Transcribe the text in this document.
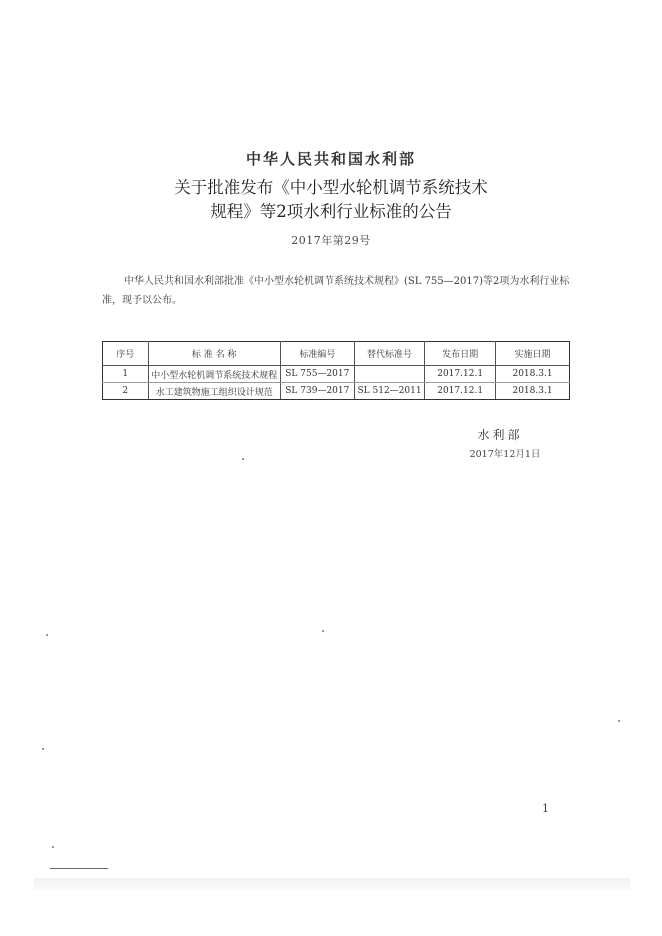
中华人民共和国水利部
关于批准发布《中小型水轮机调节系统技术
规程》等2项水利行业标准的公告
2017年第29号
中华人民共和国水利部批准《中小型水轮机调节系统技术规程》(SL 755—2017)等2项为水利行业标准，现予以公布。
序号	标 准 名 称	标准编号	替代标准号	发布日期	实施日期
1	中小型水轮机调节系统技术规程	SL 755—2017		2017.12.1	2018.3.1
2	水工建筑物施工组织设计规范	SL 739—2017	SL 512—2011	2017.12.1	2018.3.1
水利部
2017年12月1日
1
